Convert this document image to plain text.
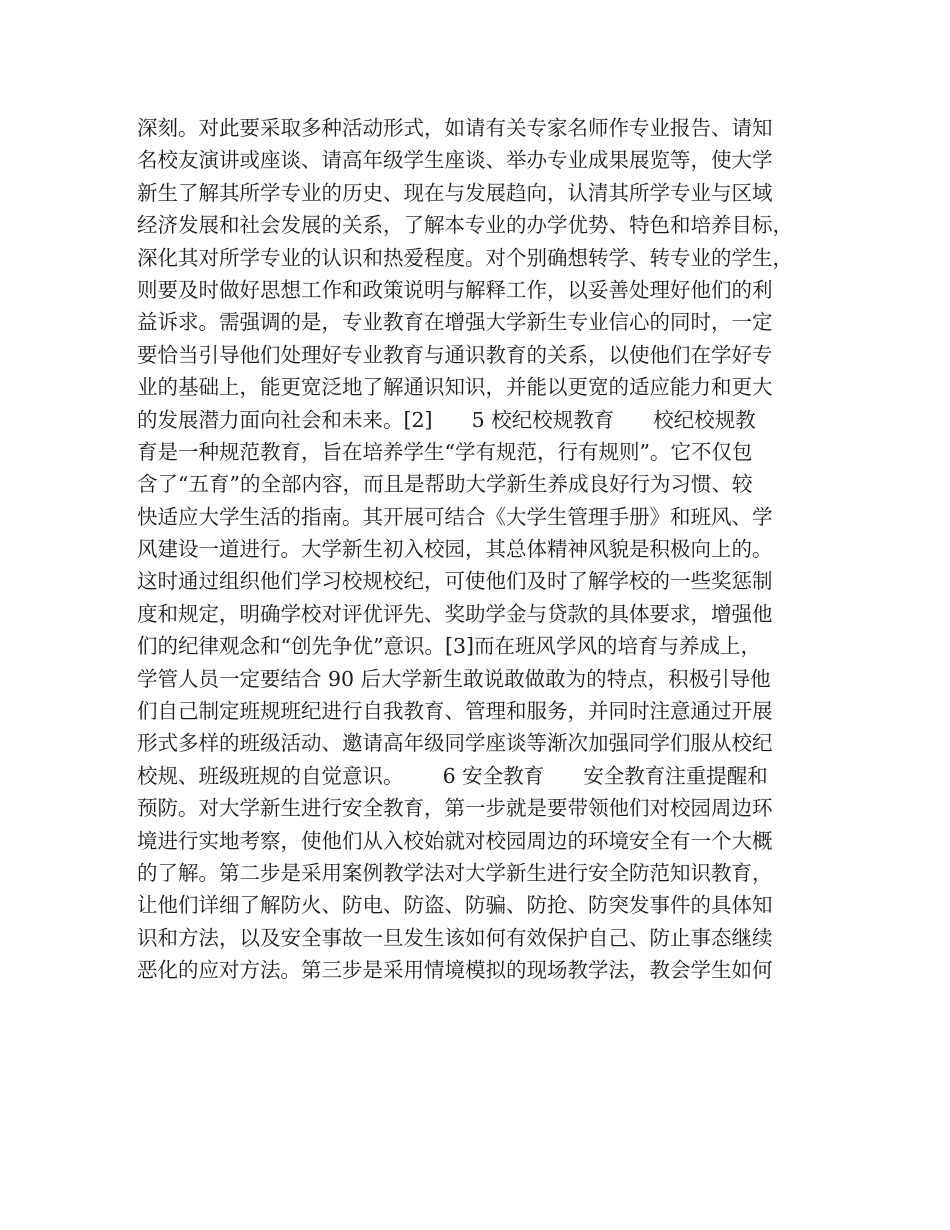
深刻。对此要采取多种活动形式，如请有关专家名师作专业报告、请知
名校友演讲或座谈、请高年级学生座谈、举办专业成果展览等，使大学
新生了解其所学专业的历史、现在与发展趋向，认清其所学专业与区域
经济发展和社会发展的关系，了解本专业的办学优势、特色和培养目标，
深化其对所学专业的认识和热爱程度。对个别确想转学、转专业的学生，
则要及时做好思想工作和政策说明与解释工作，以妥善处理好他们的利
益诉求。需强调的是，专业教育在增强大学新生专业信心的同时，一定
要恰当引导他们处理好专业教育与通识教育的关系，以使他们在学好专
业的基础上，能更宽泛地了解通识知识，并能以更宽的适应能力和更大
的发展潜力面向社会和未来。[2]      5 校纪校规教育      校纪校规教
育是一种规范教育，旨在培养学生“学有规范，行有规则”。它不仅包
含了“五育”的全部内容，而且是帮助大学新生养成良好行为习惯、较
快适应大学生活的指南。其开展可结合《大学生管理手册》和班风、学
风建设一道进行。大学新生初入校园，其总体精神风貌是积极向上的。
这时通过组织他们学习校规校纪，可使他们及时了解学校的一些奖惩制
度和规定，明确学校对评优评先、奖助学金与贷款的具体要求，增强他
们的纪律观念和“创先争优”意识。[3]而在班风学风的培育与养成上，
学管人员一定要结合 90 后大学新生敢说敢做敢为的特点，积极引导他
们自己制定班规班纪进行自我教育、管理和服务，并同时注意通过开展
形式多样的班级活动、邀请高年级同学座谈等渐次加强同学们服从校纪
校规、班级班规的自觉意识。      6 安全教育      安全教育注重提醒和
预防。对大学新生进行安全教育，第一步就是要带领他们对校园周边环
境进行实地考察，使他们从入校始就对校园周边的环境安全有一个大概
的了解。第二步是采用案例教学法对大学新生进行安全防范知识教育，
让他们详细了解防火、防电、防盗、防骗、防抢、防突发事件的具体知
识和方法，以及安全事故一旦发生该如何有效保护自己、防止事态继续
恶化的应对方法。第三步是采用情境模拟的现场教学法，教会学生如何
